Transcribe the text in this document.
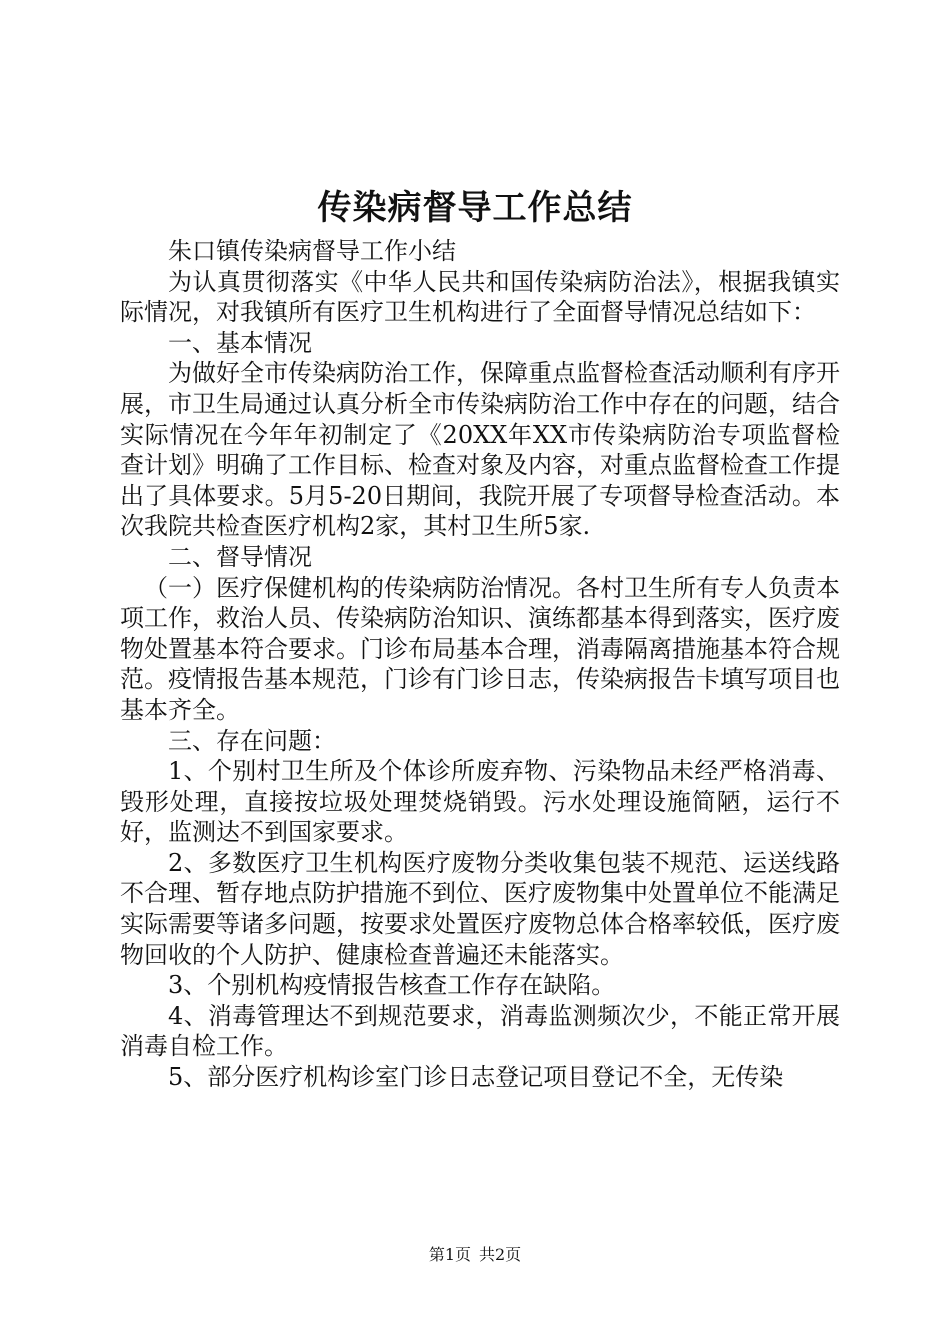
传染病督导工作总结

朱口镇传染病督导工作小结

为认真贯彻落实《中华人民共和国传染病防治法》，根据我镇实际情况，对我镇所有医疗卫生机构进行了全面督导情况总结如下：

一、基本情况

为做好全市传染病防治工作，保障重点监督检查活动顺利有序开展，市卫生局通过认真分析全市传染病防治工作中存在的问题，结合实际情况在今年年初制定了《20XX年XX市传染病防治专项监督检查计划》明确了工作目标、检查对象及内容，对重点监督检查工作提出了具体要求。5月5-20日期间，我院开展了专项督导检查活动。本次我院共检查医疗机构2家，其村卫生所5家.

二、督导情况

（一）医疗保健机构的传染病防治情况。各村卫生所有专人负责本项工作，救治人员、传染病防治知识、演练都基本得到落实，医疗废物处置基本符合要求。门诊布局基本合理，消毒隔离措施基本符合规范。疫情报告基本规范，门诊有门诊日志，传染病报告卡填写项目也基本齐全。

三、存在问题：

1、个别村卫生所及个体诊所废弃物、污染物品未经严格消毒、毁形处理，直接按垃圾处理焚烧销毁。污水处理设施简陋，运行不好，监测达不到国家要求。

2、多数医疗卫生机构医疗废物分类收集包装不规范、运送线路不合理、暂存地点防护措施不到位、医疗废物集中处置单位不能满足实际需要等诸多问题，按要求处置医疗废物总体合格率较低，医疗废物回收的个人防护、健康检查普遍还未能落实。

3、个别机构疫情报告核查工作存在缺陷。

4、消毒管理达不到规范要求，消毒监测频次少，不能正常开展消毒自检工作。

5、部分医疗机构诊室门诊日志登记项目登记不全，无传染

第1页 共2页
